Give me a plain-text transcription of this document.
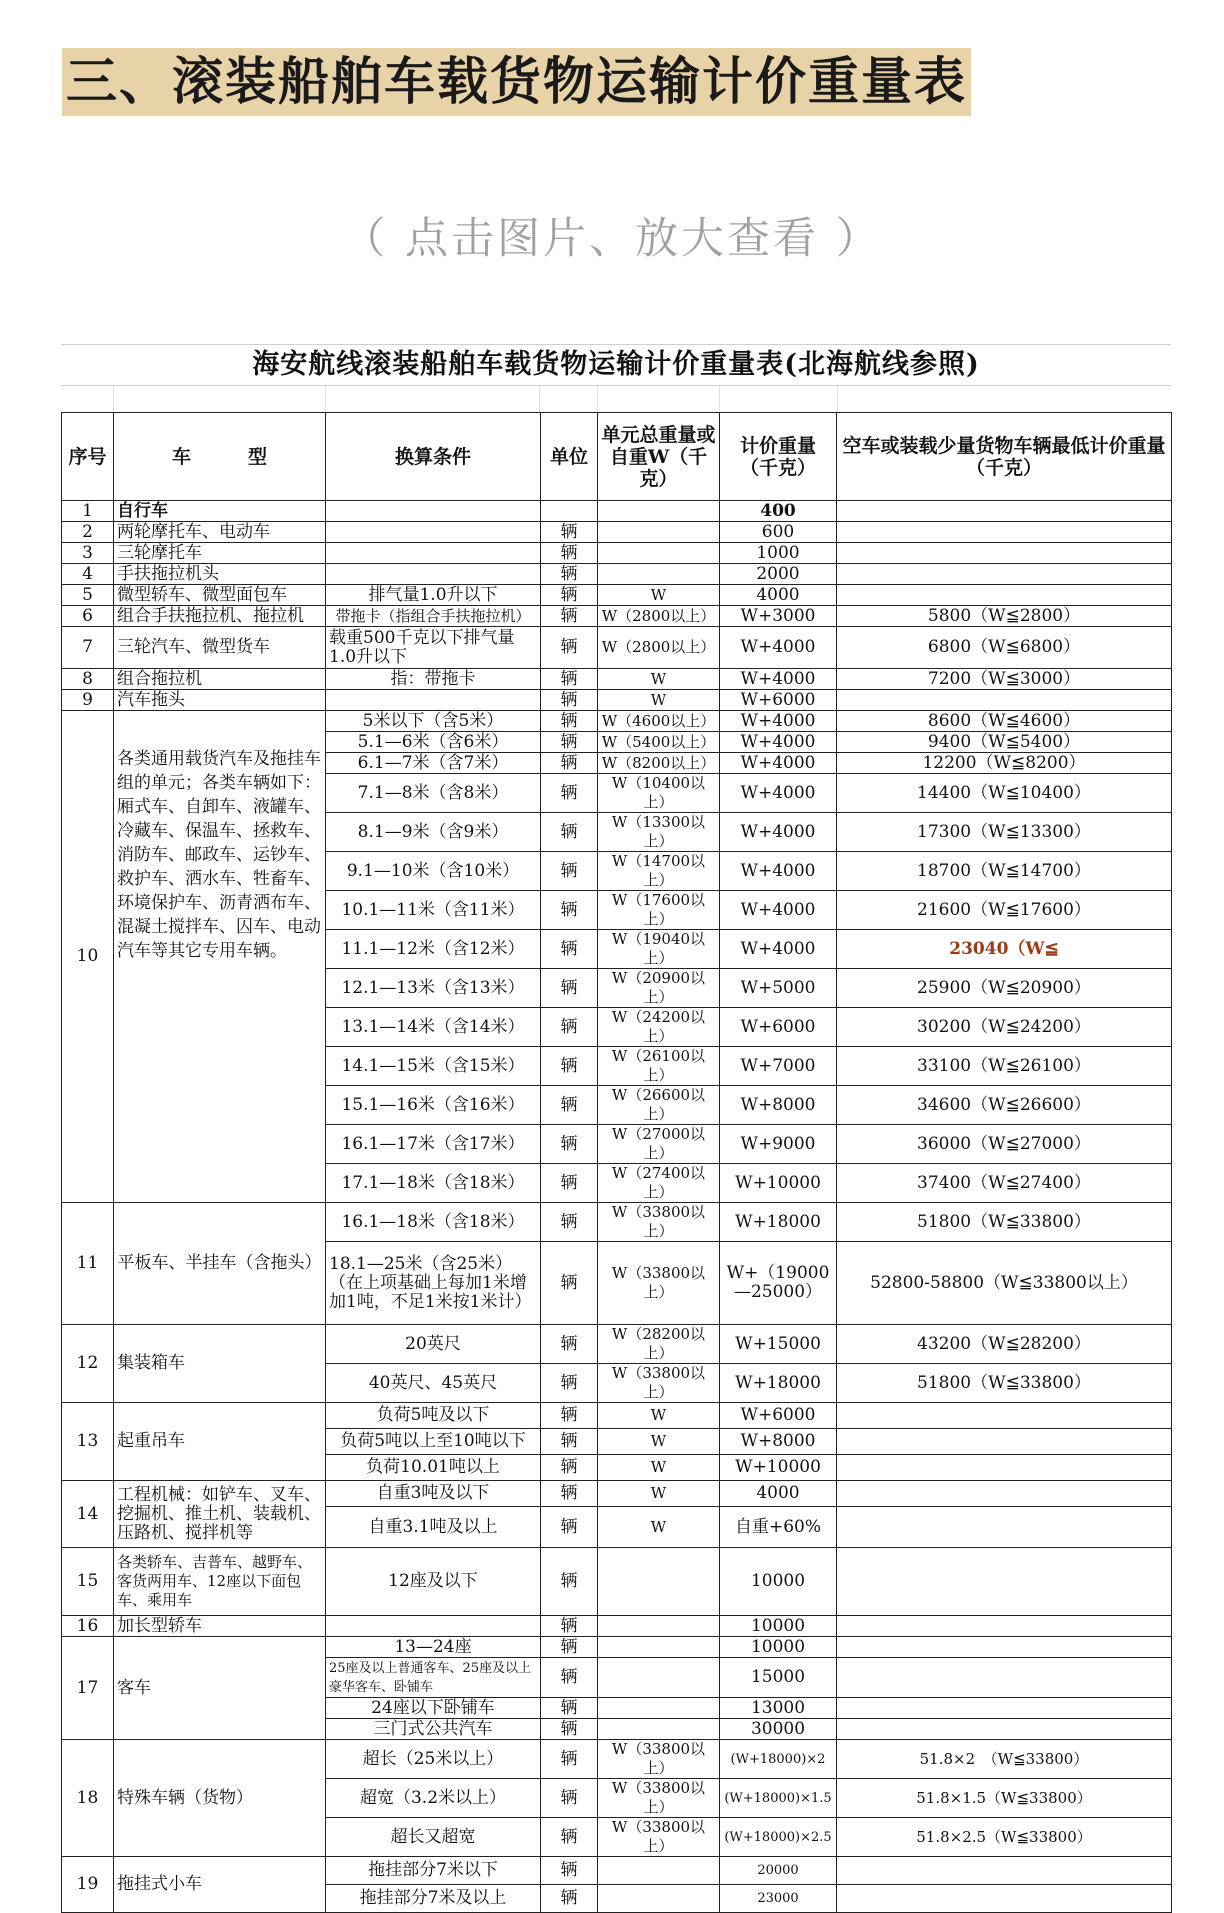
三、滚装船舶车载货物运输计价重量表
（ 点击图片、放大查看 ）
海安航线滚装船舶车载货物运输计价重量表(北海航线参照)
序号	车　　　型	换算条件	单位	单元总重量或自重W（千克）	计价重量（千克）	空车或装载少量货物车辆最低计价重量（千克）
1	自行车				400	
2	两轮摩托车、电动车		辆		600	
3	三轮摩托车		辆		1000	
4	手扶拖拉机头		辆		2000	
5	微型轿车、微型面包车	排气量1.0升以下	辆	W	4000	
6	组合手扶拖拉机、拖拉机	带拖卡（指组合手扶拖拉机）	辆	W（2800以上）	W+3000	5800（W≦2800）
7	三轮汽车、微型货车	载重500千克以下排气量1.0升以下	辆	W（2800以上）	W+4000	6800（W≦6800）
8	组合拖拉机	指：带拖卡	辆	W	W+4000	7200（W≦3000）
9	汽车拖头		辆	W	W+6000	
10	各类通用载货汽车及拖挂车组的单元；各类车辆如下：厢式车、自卸车、液罐车、冷藏车、保温车、拯救车、消防车、邮政车、运钞车、救护车、洒水车、牲畜车、环境保护车、沥青洒布车、混凝土搅拌车、囚车、电动汽车等其它专用车辆。	5米以下（含5米）	辆	W（4600以上）	W+4000	8600（W≦4600）
		5.1—6米（含6米）	辆	W（5400以上）	W+4000	9400（W≦5400）
		6.1—7米（含7米）	辆	W（8200以上）	W+4000	12200（W≦8200）
		7.1—8米（含8米）	辆	W（10400以上）	W+4000	14400（W≦10400）
		8.1—9米（含9米）	辆	W（13300以上）	W+4000	17300（W≦13300）
		9.1—10米（含10米）	辆	W（14700以上）	W+4000	18700（W≦14700）
		10.1—11米（含11米）	辆	W（17600以上）	W+4000	21600（W≦17600）
		11.1—12米（含12米）	辆	W（19040以上）	W+4000	23040（W≦
		12.1—13米（含13米）	辆	W（20900以上）	W+5000	25900（W≦20900）
		13.1—14米（含14米）	辆	W（24200以上）	W+6000	30200（W≦24200）
		14.1—15米（含15米）	辆	W（26100以上）	W+7000	33100（W≦26100）
		15.1—16米（含16米）	辆	W（26600以上）	W+8000	34600（W≦26600）
		16.1—17米（含17米）	辆	W（27000以上）	W+9000	36000（W≦27000）
		17.1—18米（含18米）	辆	W（27400以上）	W+10000	37400（W≦27400）
11	平板车、半挂车（含拖头）	16.1—18米（含18米）	辆	W（33800以上）	W+18000	51800（W≦33800）
		18.1—25米（含25米）（在上项基础上每加1米增加1吨，不足1米按1米计）	辆	W（33800以上）	W+（19000—25000）	52800-58800（W≦33800以上）
12	集装箱车	20英尺	辆	W（28200以上）	W+15000	43200（W≦28200）
		40英尺、45英尺	辆	W（33800以上）	W+18000	51800（W≦33800）
13	起重吊车	负荷5吨及以下	辆	W	W+6000	
		负荷5吨以上至10吨以下	辆	W	W+8000	
		负荷10.01吨以上	辆	W	W+10000	
14	工程机械：如铲车、叉车、挖掘机、推土机、装载机、压路机、搅拌机等	自重3吨及以下	辆	W	4000	
		自重3.1吨及以上	辆	W	自重+60%	
15	各类轿车、吉普车、越野车、客货两用车、12座以下面包车、乘用车	12座及以下	辆		10000	
16	加长型轿车		辆		10000	
17	客车	13—24座	辆		10000	
		25座及以上普通客车、25座及以上豪华客车、卧铺车	辆		15000	
		24座以下卧铺车	辆		13000	
		三门式公共汽车	辆		30000	
18	特殊车辆（货物）	超长（25米以上）	辆	W（33800以上）	(W+18000)×2	51.8×2　（W≦33800）
		超宽（3.2米以上）	辆	W（33800以上）	(W+18000)×1.5	51.8×1.5（W≦33800）
		超长又超宽	辆	W（33800以上）	(W+18000)×2.5	51.8×2.5（W≦33800）
19	拖挂式小车	拖挂部分7米以下	辆		20000	
		拖挂部分7米及以上	辆		23000	
